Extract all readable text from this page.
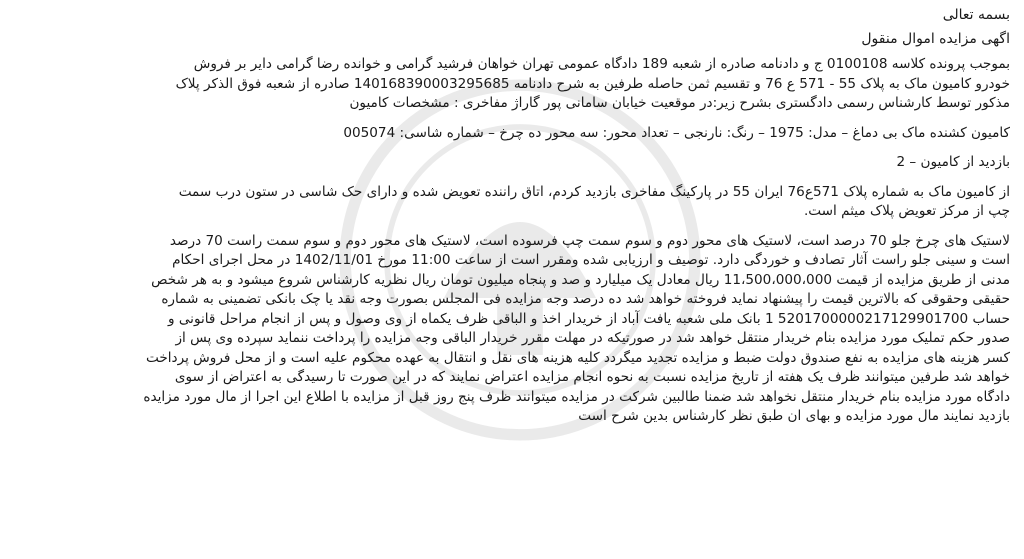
بسمه تعالی
اگهی مزایده اموال منقول
بموجب پرونده کلاسه 0100108 ج و دادنامه صادره از شعبه 189 دادگاه عمومی تهران خواهان فرشید گرامی و خوانده رضا گرامی دایر بر فروش
خودرو کامیون ماک به پلاک 55 - 571 ع 76 و تقسیم ثمن حاصله طرفین به شرح دادنامه 140168390003295685 صادره از شعبه فوق الذکر پلاک
مذکور توسط کارشناس رسمی دادگستری بشرح زیر:در موقعیت خیابان سامانی پور گاراژ مفاخری : مشخصات کامیون
کامیون کشنده ماک بی دماغ – مدل: 1975 – رنگ: نارنجی – تعداد محور: سه محور ده چرخ – شماره شاسی: 005074
بازدید از کامیون – 2
از کامیون ماک به شماره پلاک 571ع76 ایران 55 در پارکینگ مفاخری بازدید کردم، اتاق راننده تعویض شده و دارای حک شاسی در ستون درب سمت
چپ از مرکز تعویض پلاک میثم است.
لاستیک های چرخ جلو 70 درصد است، لاستیک های محور دوم و سوم سمت چپ فرسوده است، لاستیک های محور دوم و سوم سمت راست 70 درصد
است و سینی جلو راست آثار تصادف و خوردگی دارد. توصیف و ارزیابی شده ومقرر است از ساعت 11:00 مورخ 1402/11/01 در محل اجرای احکام
مدنی از طریق مزایده از قیمت 11،500،000،000 ریال معادل یک میلیارد و صد و پنجاه میلیون تومان ریال نظریه کارشناس شروع میشود و به هر شخص
حقیقی وحقوقی که بالاترین قیمت را پیشنهاد نماید فروخته خواهد شد ده درصد وجه مزایده فی المجلس بصورت وجه نقد یا چک بانکی تضمینی به شماره
حساب 5201700000217129901700 1 بانک ملی شعبه یافت آباد از خریدار اخذ و الباقی ظرف یکماه از وی وصول و پس از انجام مراحل قانونی و
صدور حکم تملیک مورد مزایده بنام خریدار منتقل خواهد شد در صورتیکه در مهلت مقرر خریدار الباقی وجه مزایده را پرداخت ننماید سپرده وی پس از
کسر هزینه های مزایده به نفع صندوق دولت ضبط و مزایده تجدید میگردد کلیه هزینه های نقل و انتقال به عهده محکوم علیه است و از محل فروش پرداخت
خواهد شد طرفین میتوانند ظرف یک هفته از تاریخ مزایده نسبت به نحوه انجام مزایده اعتراض نمایند که در این صورت تا رسیدگی به اعتراض از سوی
دادگاه مورد مزایده بنام خریدار منتقل نخواهد شد ضمنا طالبین شرکت در مزایده میتوانند ظرف پنج روز قبل از مزایده با اطلاع این اجرا از مال مورد مزایده
بازدید نمایند مال مورد مزایده و بهای ان طبق نظر کارشناس بدین شرح است
